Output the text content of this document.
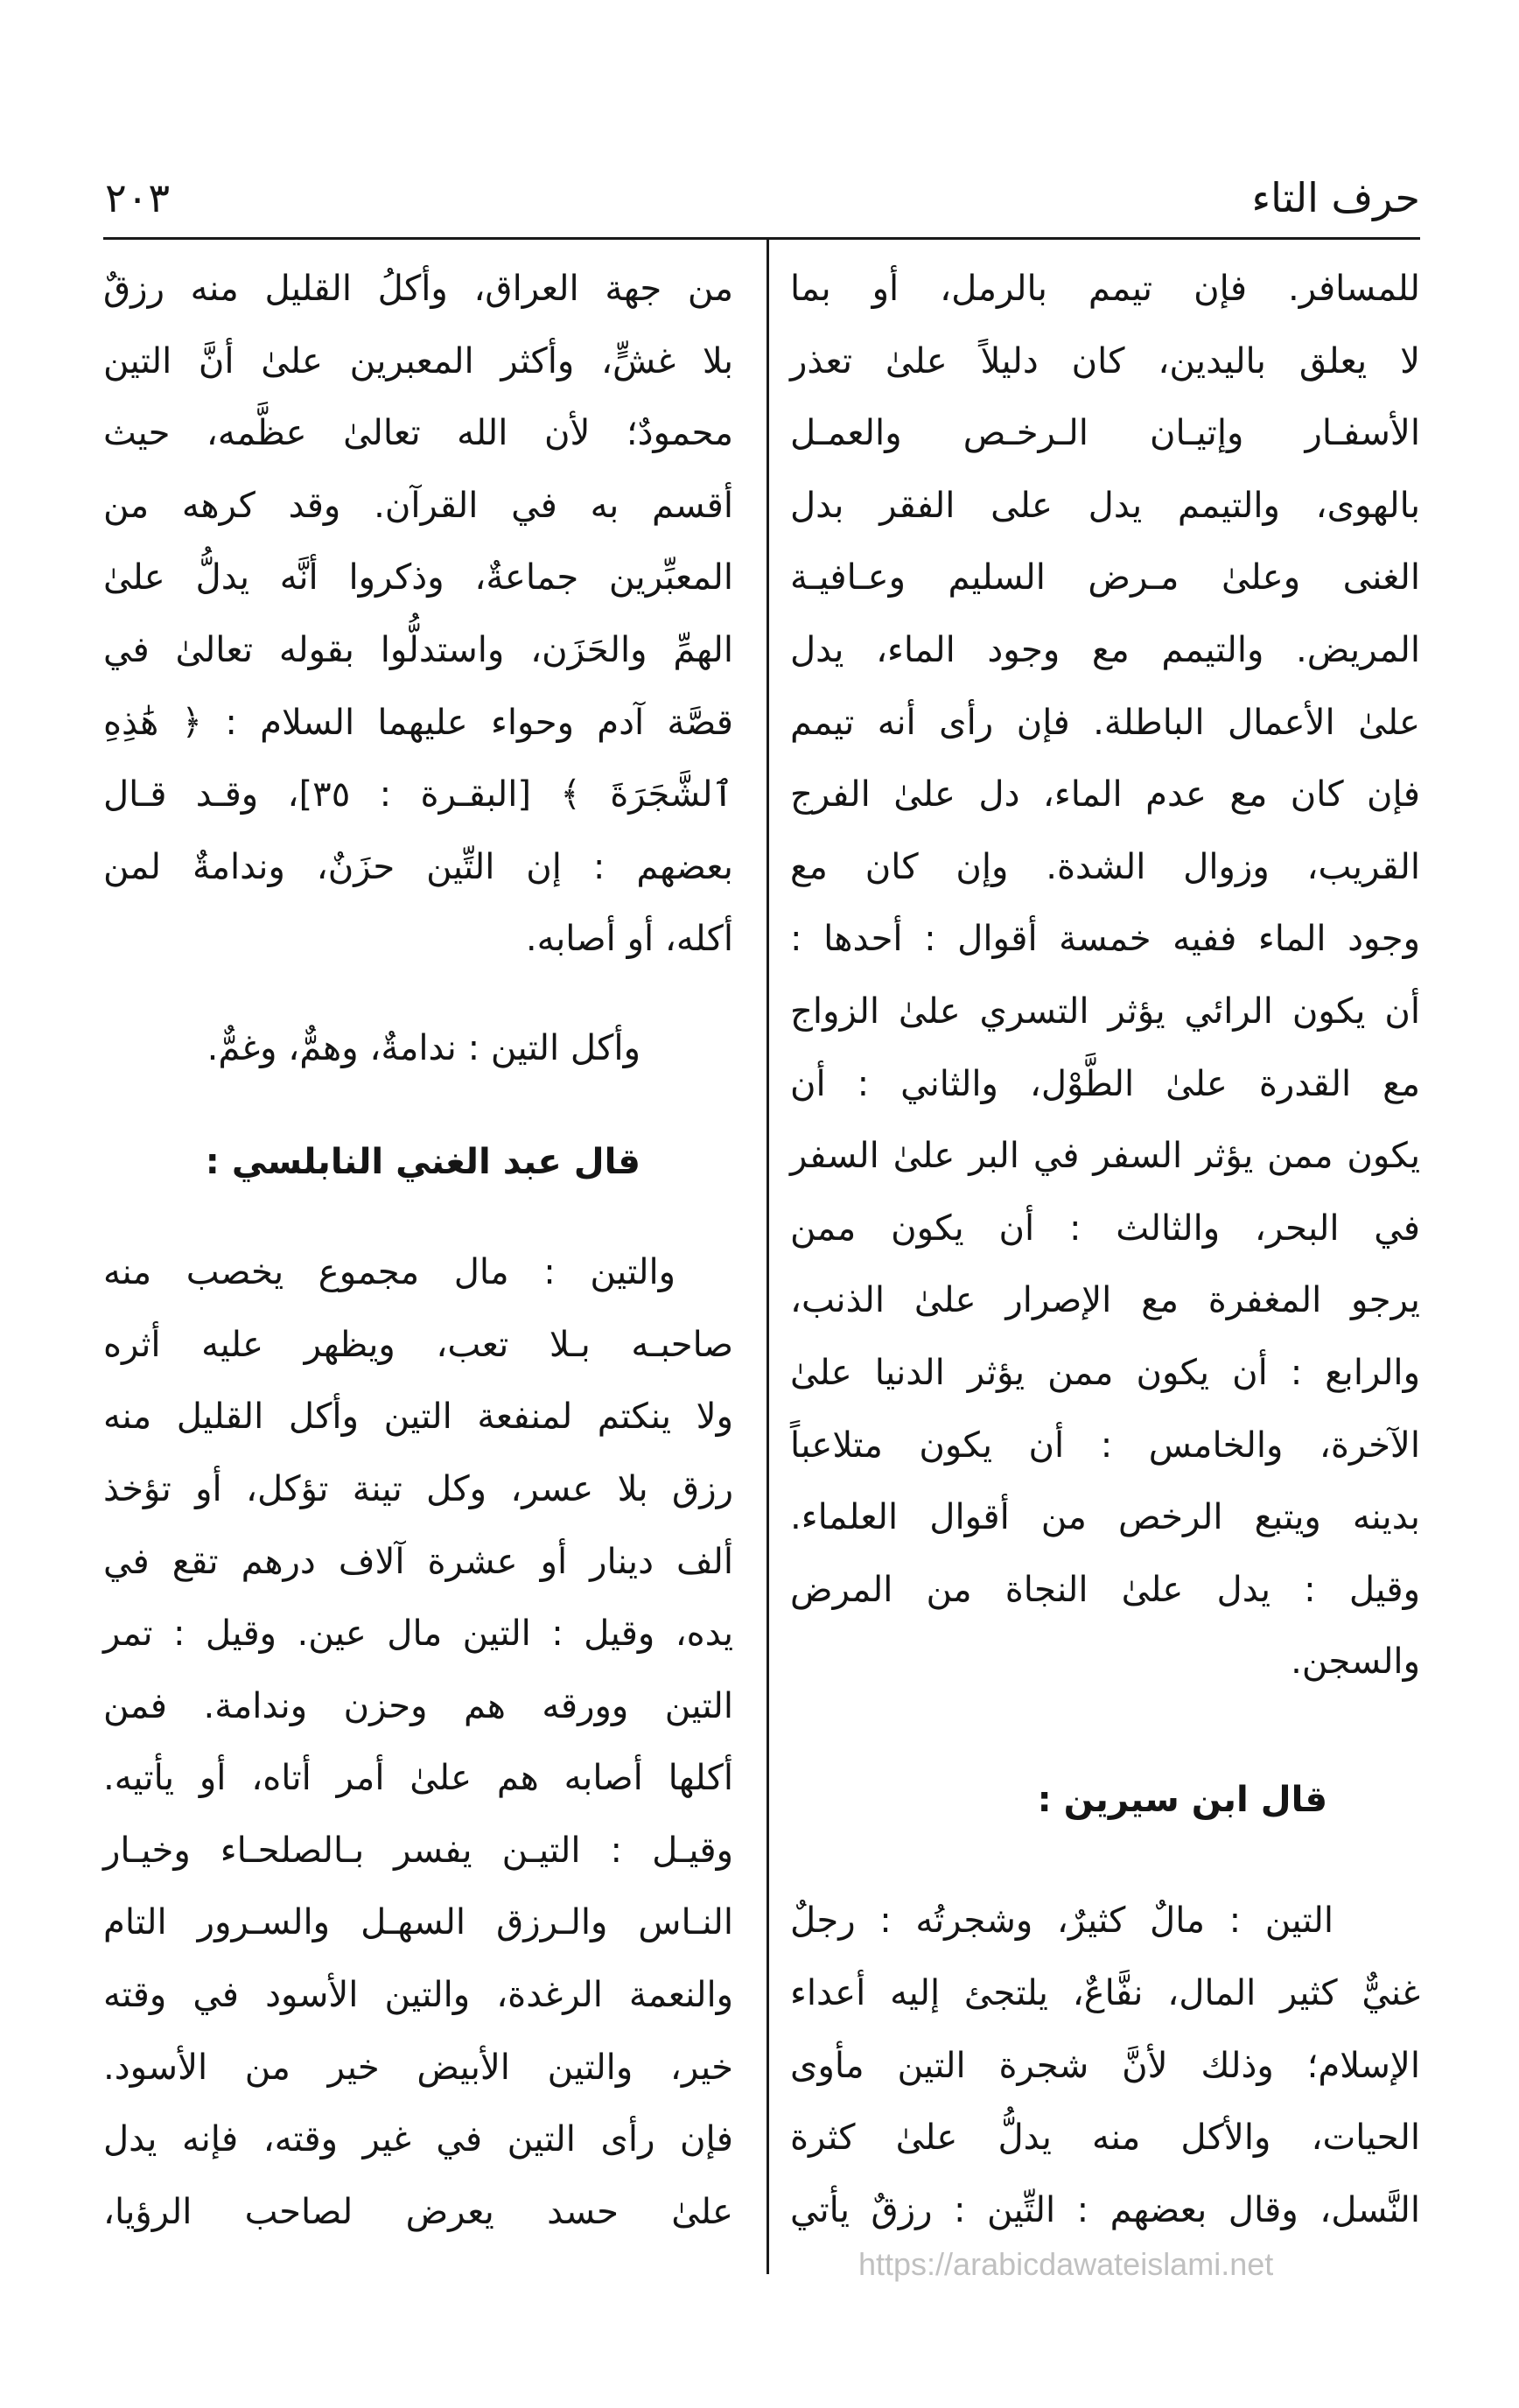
حرف التاء
٢٠٣
للمسافر. فإن تيمم بالرمل، أو بما
لا يعلق باليدين، كان دليلاً علىٰ تعذر
الأسفـار وإتيـان الـرخـص والعمـل
بالهوى، والتيمم يدل على الفقر بدل
الغنى وعلىٰ مـرض السليم وعـافيـة
المريض. والتيمم مع وجود الماء، يدل
علىٰ الأعمال الباطلة. فإن رأى أنه تيمم
فإن كان مع عدم الماء، دل علىٰ الفرج
القريب، وزوال الشدة. وإن كان مع
وجود الماء ففيه خمسة أقوال : أحدها :
أن يكون الرائي يؤثر التسري علىٰ الزواج
مع القدرة علىٰ الطَّوْل، والثاني : أن
يكون ممن يؤثر السفر في البر علىٰ السفر
في البحر، والثالث : أن يكون ممن
يرجو المغفرة مع الإصرار علىٰ الذنب،
والرابع : أن يكون ممن يؤثر الدنيا علىٰ
الآخرة، والخامس : أن يكون متلاعباً
بدينه ويتبع الرخص من أقوال العلماء.
وقيل : يدل علىٰ النجاة من المرض
والسجن.
قال ابن سيرين :
التين : مالٌ كثيرٌ، وشجرتُه : رجلٌ
غنيٌّ كثير المال، نفَّاعٌ، يلتجئ إليه أعداء
الإسلام؛ وذلك لأنَّ شجرة التين مأوى
الحيات، والأكل منه يدلُّ علىٰ كثرة
النَّسل، وقال بعضهم : التِّين : رزقٌ يأتي
من جهة العراق، وأكلُ القليل منه رزقٌ
بلا غشٍّ، وأكثر المعبرين علىٰ أنَّ التين
محمودٌ؛ لأن الله تعالىٰ عظَّمه، حيث
أقسم به في القرآن. وقد كرهه من
المعبِّرين جماعةٌ، وذكروا أنَّه يدلُّ علىٰ
الهمِّ والحَزَن، واستدلُّوا بقوله تعالىٰ في
قصَّة آدم وحواء عليهما السلام : ﴿ هَٰذِهِ
ٱلشَّجَرَةَ ﴾ [البقـرة : ٣٥]، وقـد قـال
بعضهم : إن التِّين حزَنٌ، وندامةٌ لمن
أكله، أو أصابه.
وأكل التين : ندامةٌ، وهمٌّ، وغمٌّ.
قال عبد الغني النابلسي :
والتين : مال مجموع يخصب منه
صاحبـه بـلا تعب، ويظهر عليه أثره
ولا ينكتم لمنفعة التين وأكل القليل منه
رزق بلا عسر، وكل تينة تؤكل، أو تؤخذ
ألف دينار أو عشرة آلاف درهم تقع في
يده، وقيل : التين مال عين. وقيل : تمر
التين وورقه هم وحزن وندامة. فمن
أكلها أصابه هم علىٰ أمر أتاه، أو يأتيه.
وقيـل : التيـن يفسر بـالصلحـاء وخيـار
النـاس والـرزق السهـل والسـرور التام
والنعمة الرغدة، والتين الأسود في وقته
خير، والتين الأبيض خير من الأسود.
فإن رأى التين في غير وقته، فإنه يدل
علىٰ حسد يعرض لصاحب الرؤيا،
https://arabicdawateislami.net
